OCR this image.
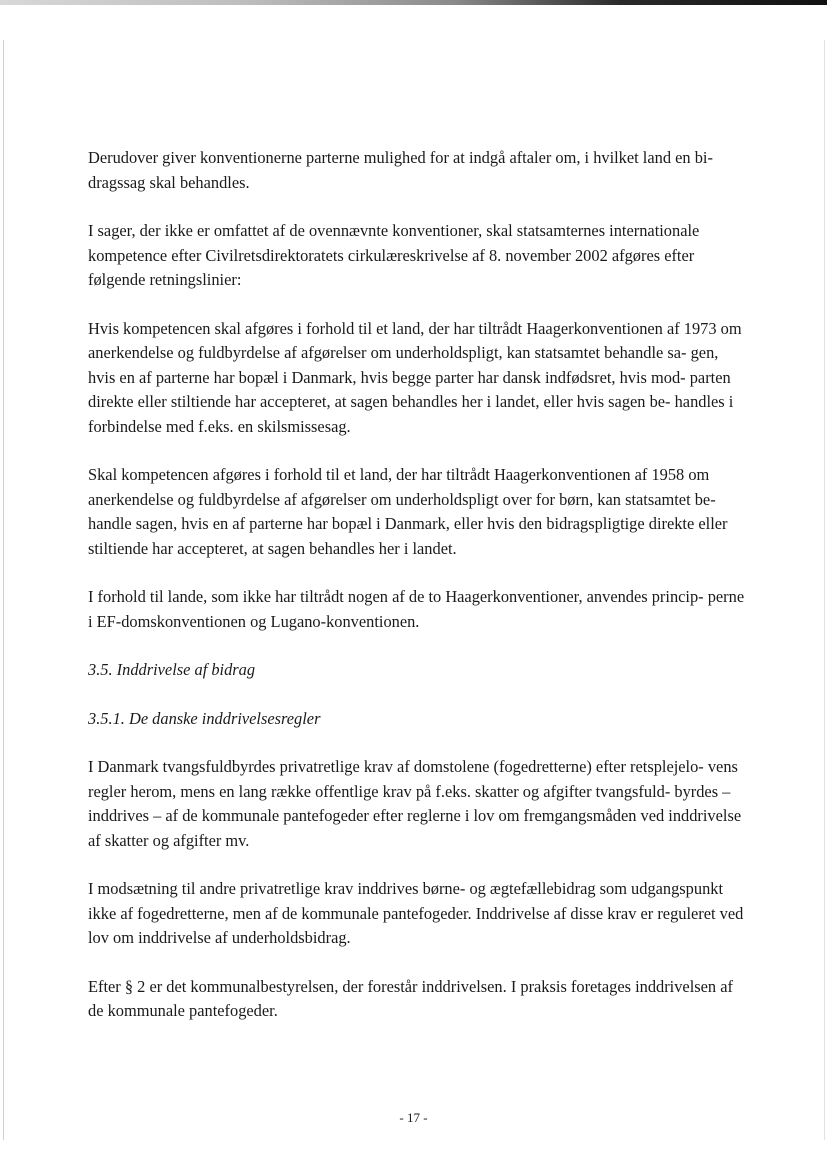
Derudover giver konventionerne parterne mulighed for at indgå aftaler om, i hvilket land en bi- dragssag skal behandles.

I sager, der ikke er omfattet af de ovennævnte konventioner, skal statsamternes internationale kompetence efter Civilretsdirektoratets cirkulæreskrivelse af 8. november 2002 afgøres efter følgende retningslinier:

Hvis kompetencen skal afgøres i forhold til et land, der har tiltrådt Haagerkonventionen af 1973 om anerkendelse og fuldbyrdelse af afgørelser om underholdspligt, kan statsamtet behandle sa- gen, hvis en af parterne har bopæl i Danmark, hvis begge parter har dansk indfødsret, hvis mod- parten direkte eller stiltiende har accepteret, at sagen behandles her i landet, eller hvis sagen be- handles i forbindelse med f.eks. en skilsmissesag.

Skal kompetencen afgøres i forhold til et land, der har tiltrådt Haagerkonventionen af 1958 om anerkendelse og fuldbyrdelse af afgørelser om underholdspligt over for børn, kan statsamtet be- handle sagen, hvis en af parterne har bopæl i Danmark, eller hvis den bidragspligtige direkte eller stiltiende har accepteret, at sagen behandles her i landet.

I forhold til lande, som ikke har tiltrådt nogen af de to Haagerkonventioner, anvendes princip- perne i EF-domskonventionen og Lugano-konventionen.

3.5. Inddrivelse af bidrag

3.5.1. De danske inddrivelsesregler

I Danmark tvangsfuldbyrdes privatretlige krav af domstolene (fogedretterne) efter retsplejelo- vens regler herom, mens en lang række offentlige krav på f.eks. skatter og afgifter tvangsfuld- byrdes – inddrives – af de kommunale pantefogeder efter reglerne i lov om fremgangsmåden ved inddrivelse af skatter og afgifter mv.

I modsætning til andre privatretlige krav inddrives børne- og ægtefællebidrag som udgangspunkt ikke af fogedretterne, men af de kommunale pantefogeder. Inddrivelse af disse krav er reguleret ved lov om inddrivelse af underholdsbidrag.

Efter § 2 er det kommunalbestyrelsen, der forestår inddrivelsen. I praksis foretages inddrivelsen af de kommunale pantefogeder.

- 17 -
